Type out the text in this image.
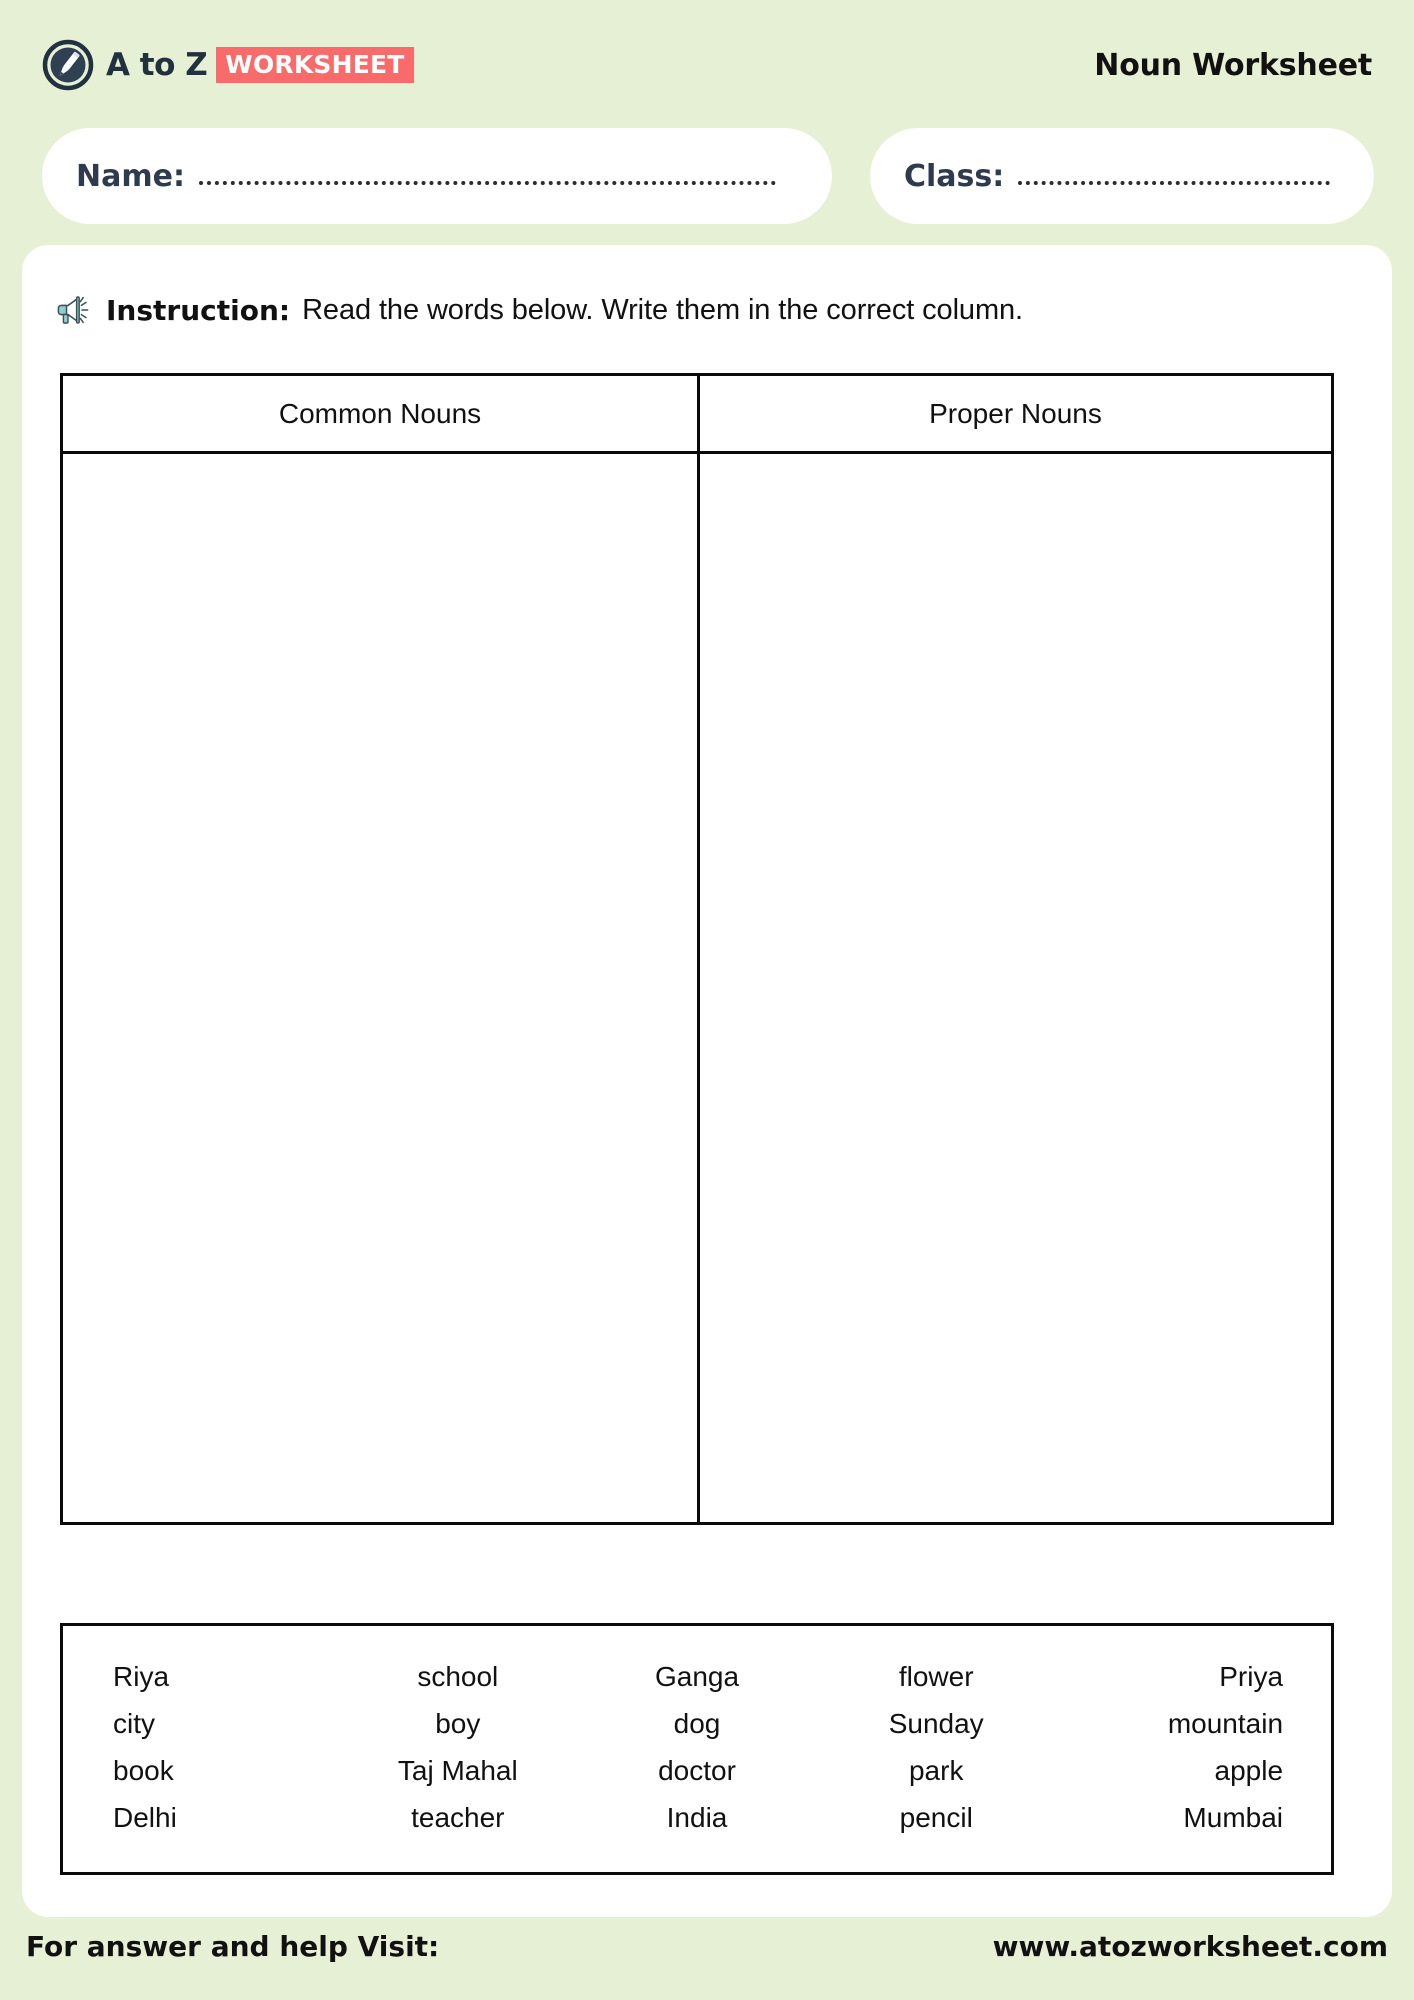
A to Z WORKSHEET	Noun Worksheet
Name:	Class:
Instruction: Read the words below. Write them in the correct column.
Common Nouns	Proper Nouns
Riya	school	Ganga	flower	Priya
city	boy	dog	Sunday	mountain
book	Taj Mahal	doctor	park	apple
Delhi	teacher	India	pencil	Mumbai
For answer and help Visit:	www.atozworksheet.com
